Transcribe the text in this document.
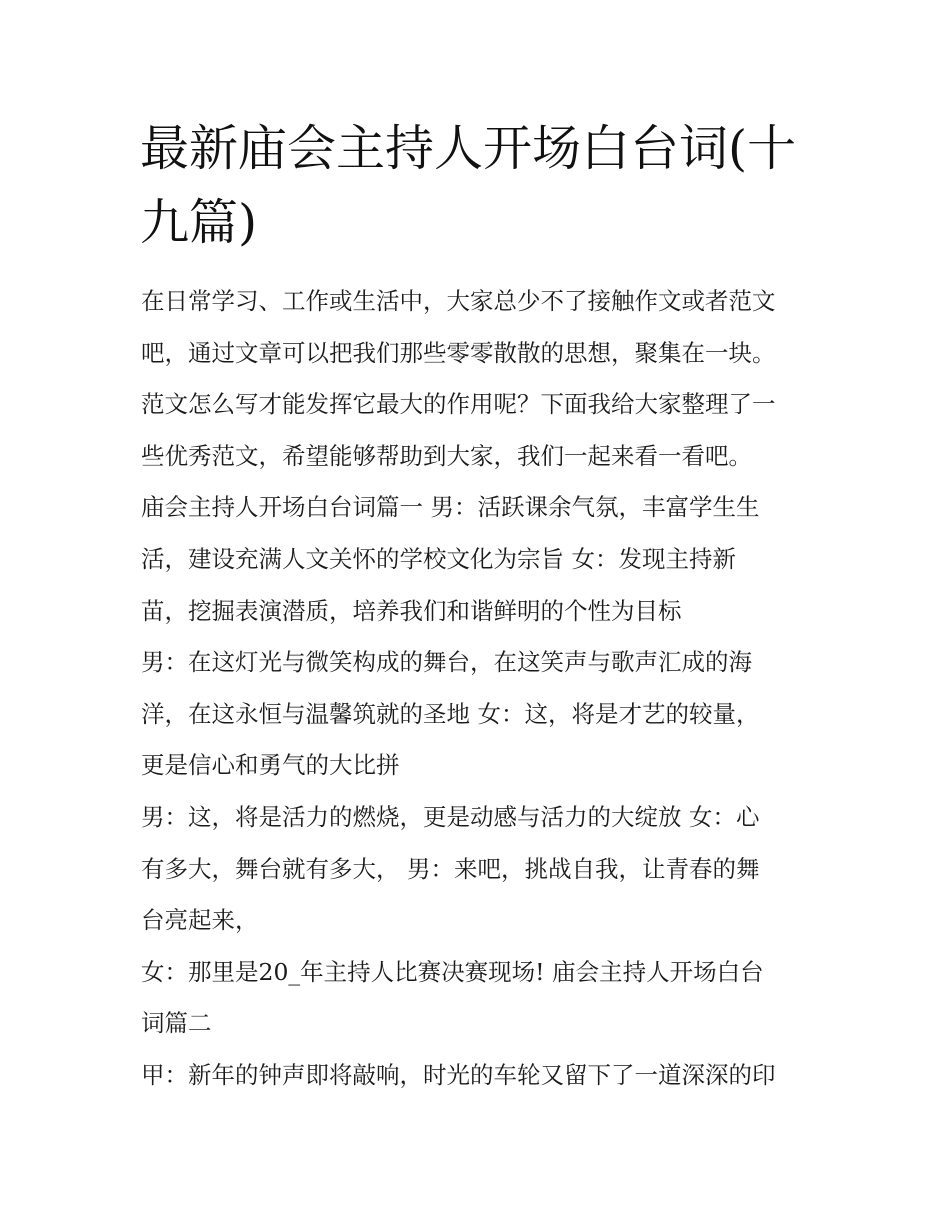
最新庙会主持人开场白台词(十
九篇)
在日常学习、工作或生活中，大家总少不了接触作文或者范文
吧，通过文章可以把我们那些零零散散的思想，聚集在一块。
范文怎么写才能发挥它最大的作用呢？下面我给大家整理了一
些优秀范文，希望能够帮助到大家，我们一起来看一看吧。
庙会主持人开场白台词篇一 男：活跃课余气氛，丰富学生生
活，建设充满人文关怀的学校文化为宗旨 女：发现主持新
苗，挖掘表演潜质，培养我们和谐鲜明的个性为目标
男：在这灯光与微笑构成的舞台，在这笑声与歌声汇成的海
洋，在这永恒与温馨筑就的圣地 女：这，将是才艺的较量，
更是信心和勇气的大比拼
男：这，将是活力的燃烧，更是动感与活力的大绽放 女：心
有多大，舞台就有多大， 男：来吧，挑战自我，让青春的舞
台亮起来，
女：那里是20_年主持人比赛决赛现场! 庙会主持人开场白台
词篇二
甲：新年的钟声即将敲响，时光的车轮又留下了一道深深的印
